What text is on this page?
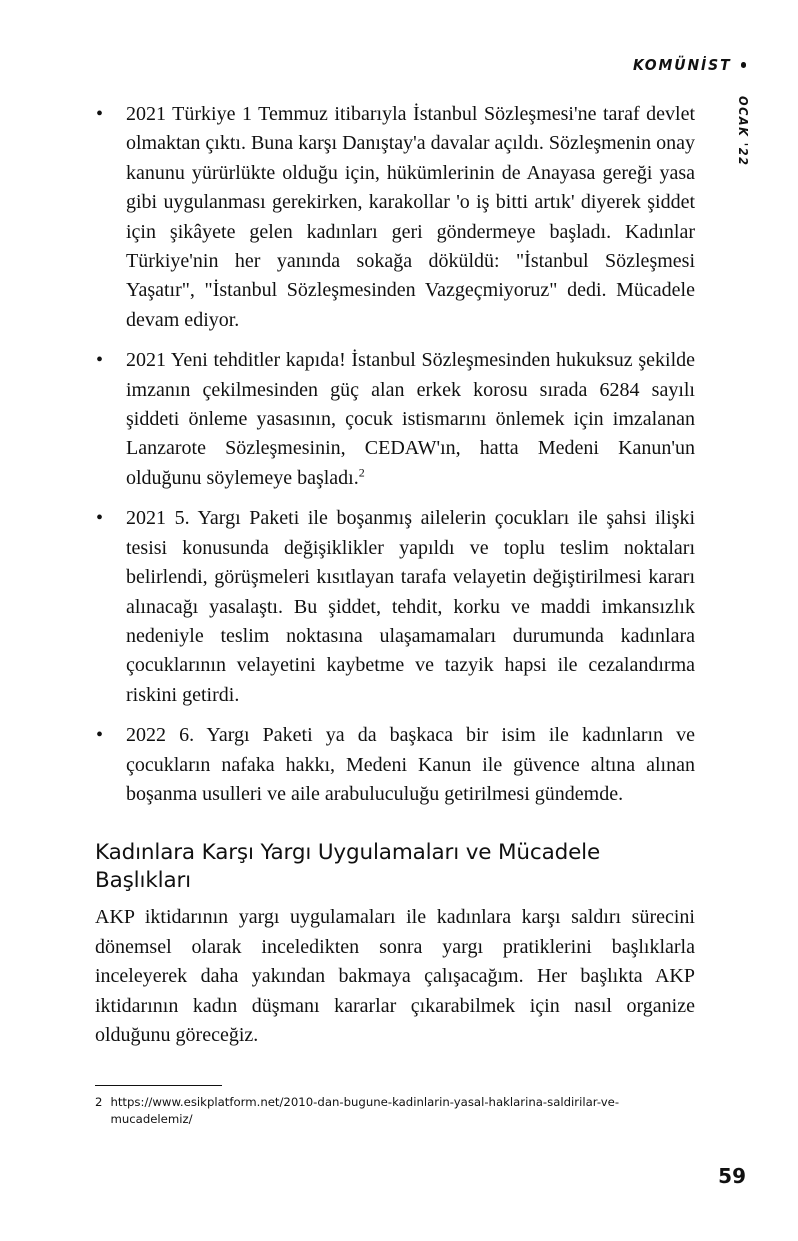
KOMÜNİST
OCAK '22
• 2021 Türkiye 1 Temmuz itibarıyla İstanbul Sözleşmesi'ne taraf devlet olmaktan çıktı. Buna karşı Danıştay'a davalar açıldı. Sözleşmenin onay kanunu yürürlükte olduğu için, hükümlerinin de Anayasa gereği yasa gibi uygulanması gerekirken, karakollar 'o iş bitti artık' diyerek şiddet için şikâyete gelen kadınları geri göndermeye başladı. Kadınlar Türkiye'nin her yanında sokağa döküldü: "İstanbul Sözleşmesi Yaşatır", "İstanbul Sözleşmesinden Vazgeçmiyoruz" dedi. Mücadele devam ediyor.

• 2021 Yeni tehditler kapıda! İstanbul Sözleşmesinden hukuksuz şekilde imzanın çekilmesinden güç alan erkek korosu sırada 6284 sayılı şiddeti önleme yasasının, çocuk istismarını önlemek için imzalanan Lanzarote Sözleşmesinin, CEDAW'ın, hatta Medeni Kanun'un olduğunu söylemeye başladı.$^2$

• 2021 5. Yargı Paketi ile boşanmış ailelerin çocukları ile şahsi ilişki tesisi konusunda değişiklikler yapıldı ve toplu teslim noktaları belirlendi, görüşmeleri kısıtlayan tarafa velayetin değiştirilmesi kararı alınacağı yasalaştı. Bu şiddet, tehdit, korku ve maddi imkansızlık nedeniyle teslim noktasına ulaşamamaları durumunda kadınlara çocuklarının velayetini kaybetme ve tazyik hapsi ile cezalandırma riskini getirdi.

• 2022 6. Yargı Paketi ya da başkaca bir isim ile kadınların ve çocukların nafaka hakkı, Medeni Kanun ile güvence altına alınan boşanma usulleri ve aile arabuluculuğu getirilmesi gündemde.

Kadınlara Karşı Yargı Uygulamaları ve Mücadele Başlıkları

AKP iktidarının yargı uygulamaları ile kadınlara karşı saldırı sürecini dönemsel olarak inceledikten sonra yargı pratiklerini başlıklarla inceleyerek daha yakından bakmaya çalışacağım. Her başlıkta AKP iktidarının kadın düşmanı kararlar çıkarabilmek için nasıl organize olduğunu göreceğiz.

2 https://www.esikplatform.net/2010-dan-bugune-kadinlarin-yasal-haklarina-saldirilar-ve-mucadelemiz/
59
